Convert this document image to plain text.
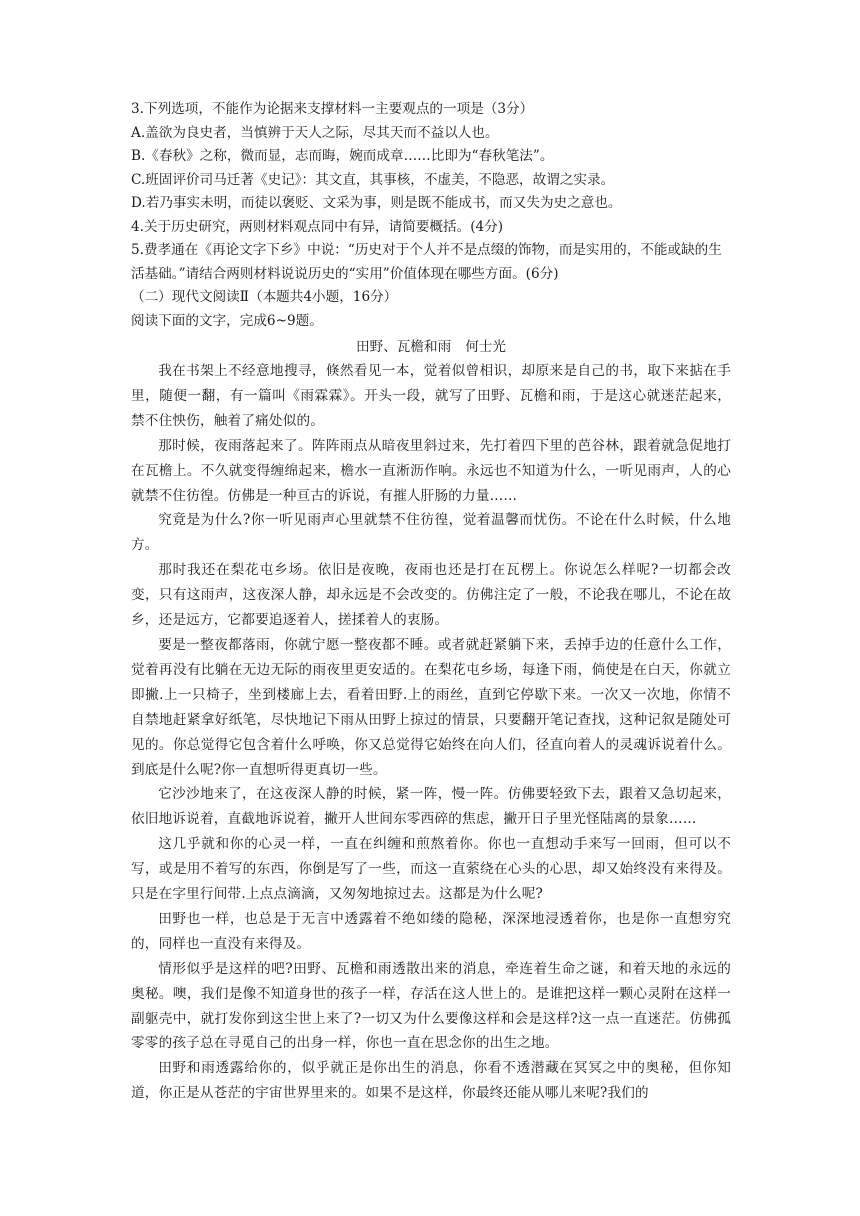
3.下列选项，不能作为论据来支撑材料一主要观点的一项是（3分）

A.盖欲为良史者，当慎辨于天人之际，尽其天而不益以人也。

B.《春秋》之称，微而显，志而晦，婉而成章……比即为“春秋笔法”。

C.班固评价司马迁著《史记》：其文直，其事核，不虚美，不隐恶，故谓之实录。

D.若乃事实未明，而徒以褒贬、文采为事，则是既不能成书，而又失为史之意也。

4.关于历史研究，两则材料观点同中有异，请简要概括。(4分)

5.费孝通在《再论文字下乡》中说：“历史对于个人并不是点缀的饰物，而是实用的，不能或缺的生活基础。”请结合两则材料说说历史的“实用”价值体现在哪些方面。(6分)

（二）现代文阅读Ⅱ（本题共4小题，16分）

阅读下面的文字，完成6~9题。

田野、瓦檐和雨 何士光

我在书架上不经意地搜寻，倏然看见一本，觉着似曾相识，却原来是自己的书，取下来掂在手里，随便一翻，有一篇叫《雨霖霖》。开头一段，就写了田野、瓦檐和雨，于是这心就迷茫起来，禁不住怏伤，触着了痛处似的。

那时候，夜雨落起来了。阵阵雨点从暗夜里斜过来，先打着四下里的芭谷林，跟着就急促地打在瓦檐上。不久就变得缠绵起来，檐水一直淅沥作响。永远也不知道为什么，一听见雨声，人的心就禁不住彷徨。仿佛是一种亘古的诉说，有摧人肝肠的力量……

究竟是为什么?你一听见雨声心里就禁不住彷徨，觉着温馨而忧伤。不论在什么时候，什么地方。

那时我还在梨花屯乡场。依旧是夜晚，夜雨也还是打在瓦楞上。你说怎么样呢?一切都会改变，只有这雨声，这夜深人静，却永远是不会改变的。仿佛注定了一般，不论我在哪儿，不论在故乡，还是远方，它都要追逐着人，搓揉着人的衷肠。

要是一整夜都落雨，你就宁愿一整夜都不睡。或者就赶紧躺下来，丢掉手边的任意什么工作，觉着再没有比躺在无边无际的雨夜里更安适的。在梨花屯乡场，每逢下雨，倘使是在白天，你就立即撇.上一只椅子，坐到楼廊上去，看着田野.上的雨丝，直到它停歇下来。一次又一次地，你情不自禁地赶紧拿好纸笔，尽快地记下雨从田野上掠过的情景，只要翻开笔记查找，这种记叙是随处可见的。你总觉得它包含着什么呼唤，你又总觉得它始终在向人们，径直向着人的灵魂诉说着什么。到底是什么呢?你一直想听得更真切一些。

它沙沙地来了，在这夜深人静的时候，紧一阵，慢一阵。仿佛要轻致下去，跟着又急切起来，依旧地诉说着，直截地诉说着，撇开人世间东零西碎的焦虑，撇开日子里光怪陆离的景象……

这几乎就和你的心灵一样，一直在纠缠和煎熬着你。你也一直想动手来写一回雨，但可以不写，或是用不着写的东西，你倒是写了一些，而这一直萦绕在心头的心思，却又始终没有来得及。只是在字里行间带.上点点滴滴，又匆匆地掠过去。这都是为什么呢?

田野也一样，也总是于无言中透露着不绝如缕的隐秘，深深地浸透着你，也是你一直想穷究的，同样也一直没有来得及。

情形似乎是这样的吧?田野、瓦檐和雨透散出来的消息，牵连着生命之谜，和着天地的永远的奥秘。噢，我们是像不知道身世的孩子一样，存活在这人世上的。是谁把这样一颗心灵附在这样一副躯壳中，就打发你到这尘世上来了?一切又为什么要像这样和会是这样?这一点一直迷茫。仿佛孤零零的孩子总在寻觅自己的出身一样，你也一直在思念你的出生之地。

田野和雨透露给你的，似乎就正是你出生的消息，你看不透潜藏在冥冥之中的奥秘，但你知道，你正是从苍茫的宇宙世界里来的。如果不是这样，你最终还能从哪儿来呢?我们的
